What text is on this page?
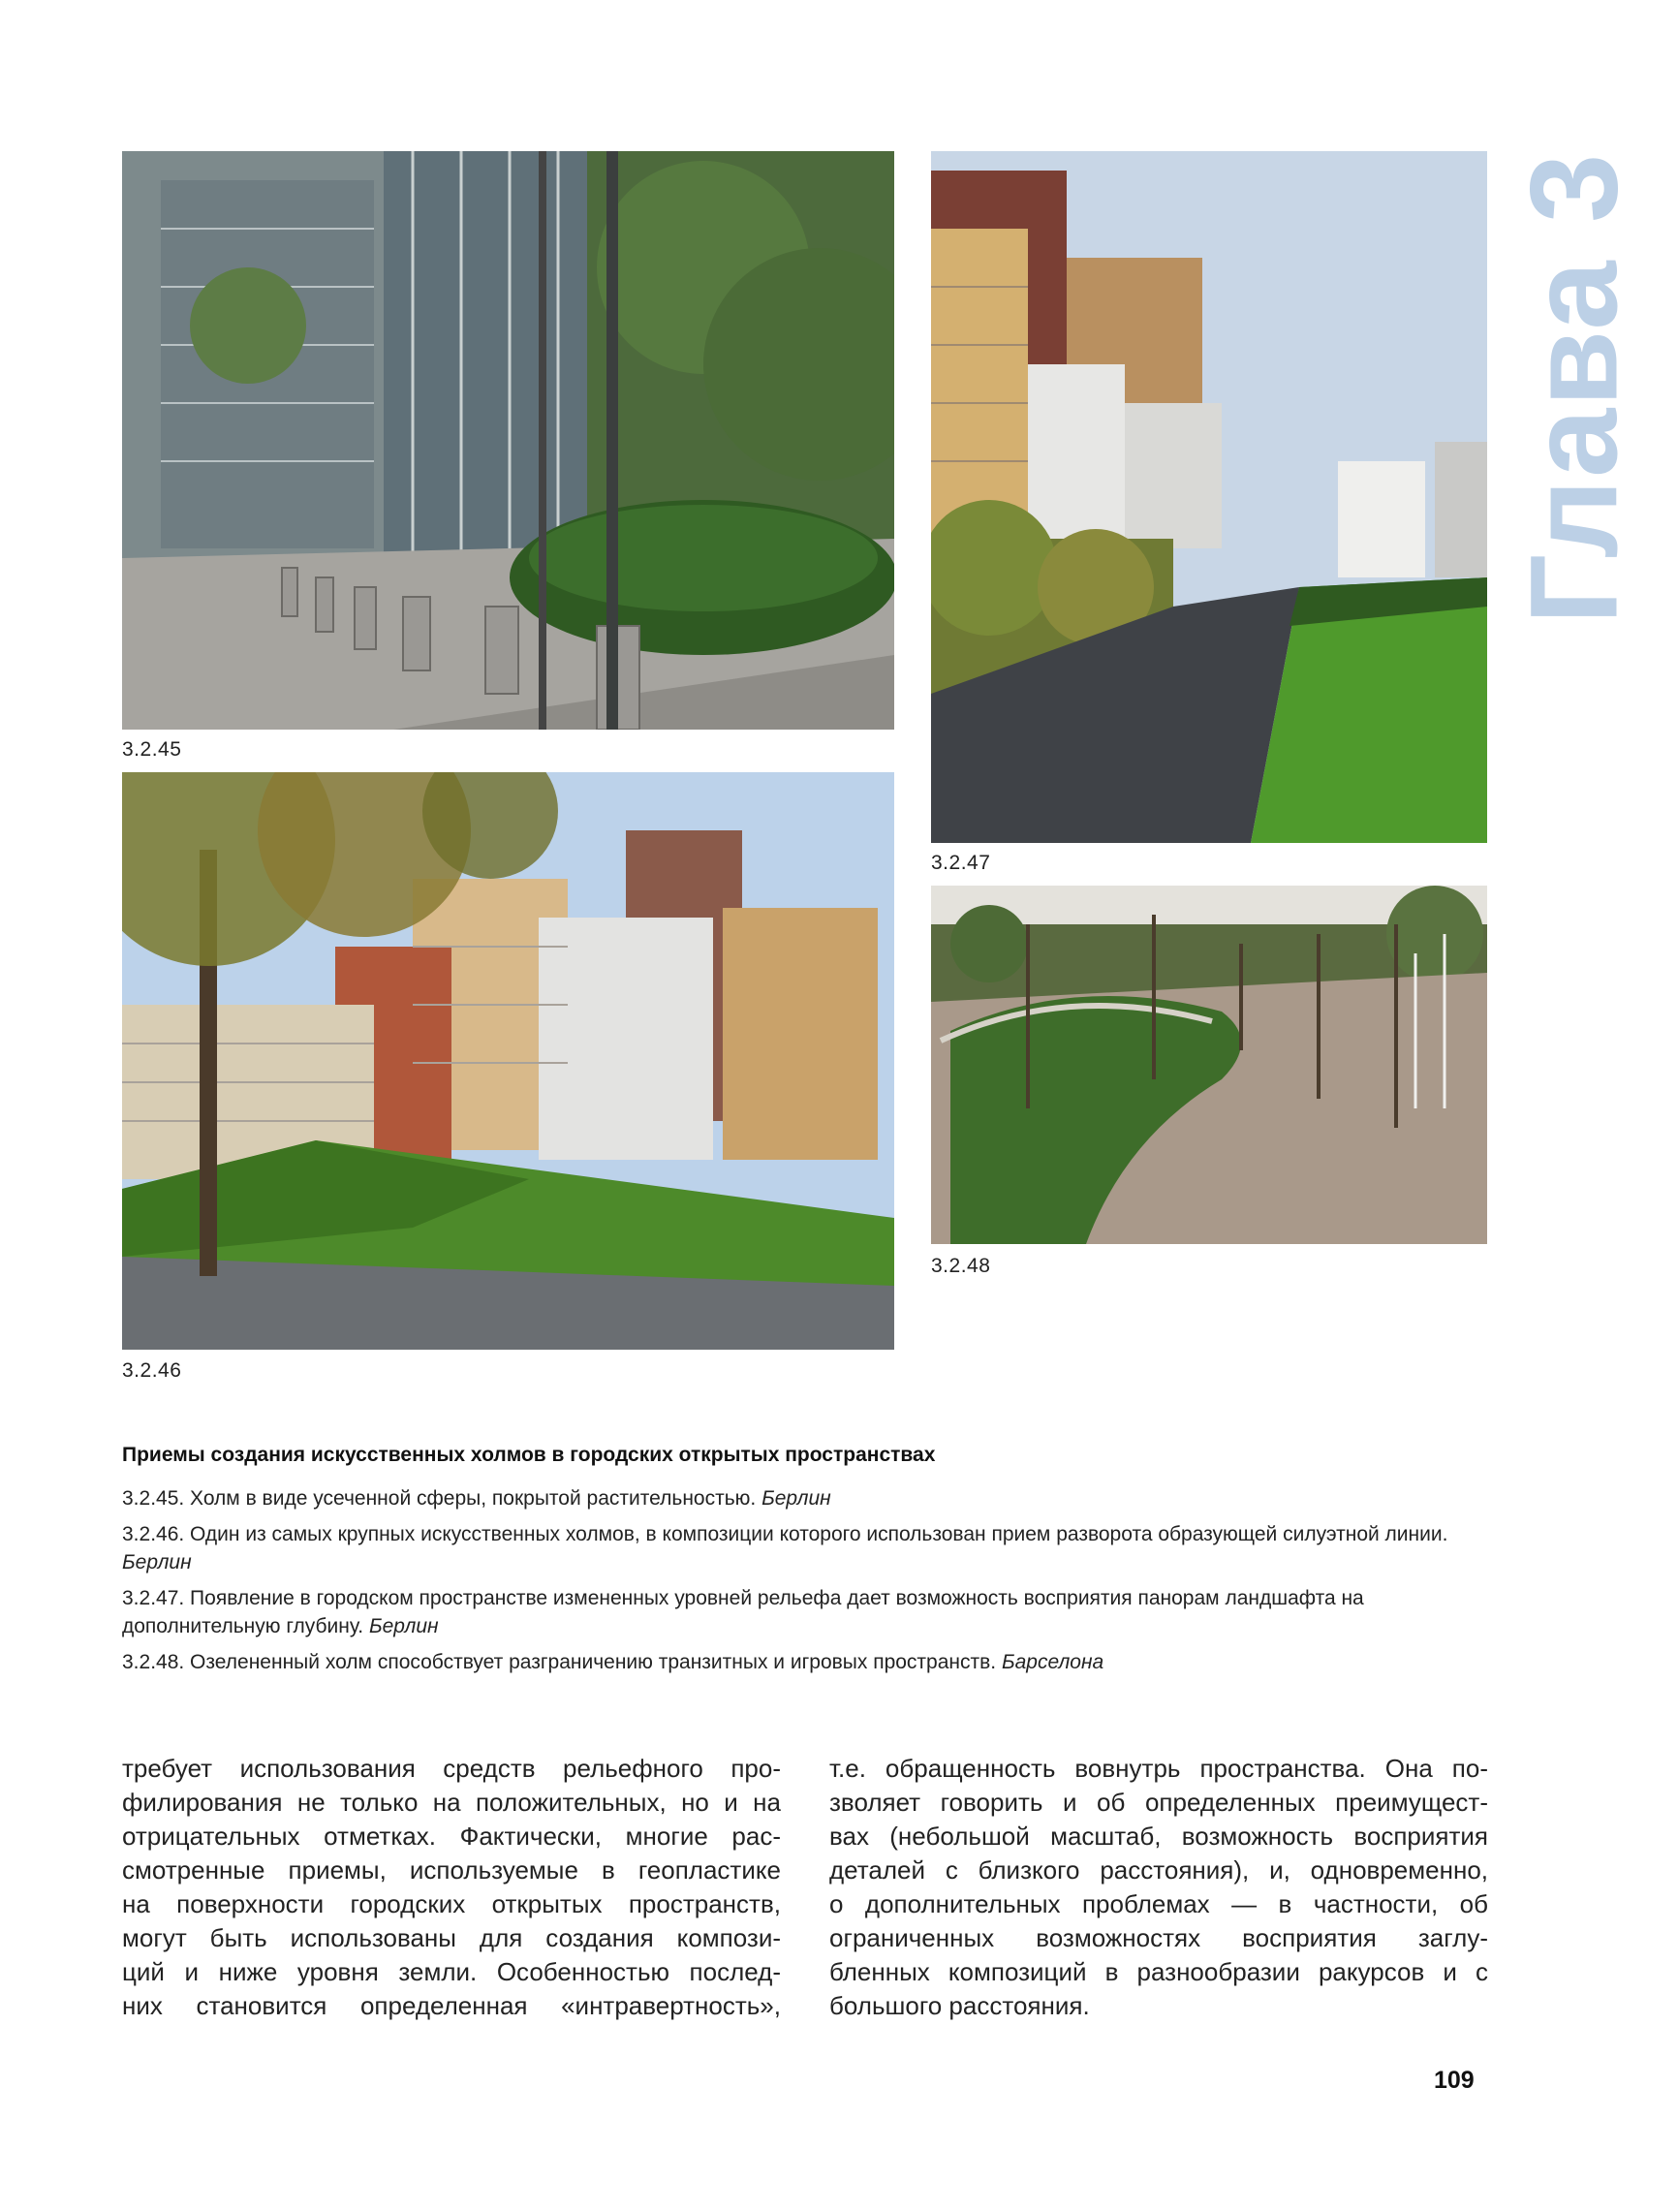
3.2.45
3.2.46
3.2.47
3.2.48
Глава 3
Приемы создания искусственных холмов в городских открытых пространствах
3.2.45. Холм в виде усеченной сферы, покрытой растительностью. Берлин
3.2.46. Один из самых крупных искусственных холмов, в композиции которого использован прием разворота образующей силуэтной линии. Берлин
3.2.47. Появление в городском пространстве измененных уровней рельефа дает возможность восприятия панорам ландшафта на дополнительную глубину. Берлин
3.2.48. Озелененный холм способствует разграничению транзитных и игровых пространств. Барселона
требует использования средств рельефного про-
филирования не только на положительных, но и на
отрицательных отметках. Фактически, многие рас-
смотренные приемы, используемые в геопластике
на поверхности городских открытых пространств,
могут быть использованы для создания компози-
ций и ниже уровня земли. Особенностью послед-
них становится определенная «интравертность»,
т.е. обращенность вовнутрь пространства. Она по-
зволяет говорить и об определенных преимущест-
вах (небольшой масштаб, возможность восприятия
деталей с близкого расстояния), и, одновременно,
о дополнительных проблемах — в частности, об
ограниченных возможностях восприятия заглу-
бленных композиций в разнообразии ракурсов и с
большого расстояния.
109
